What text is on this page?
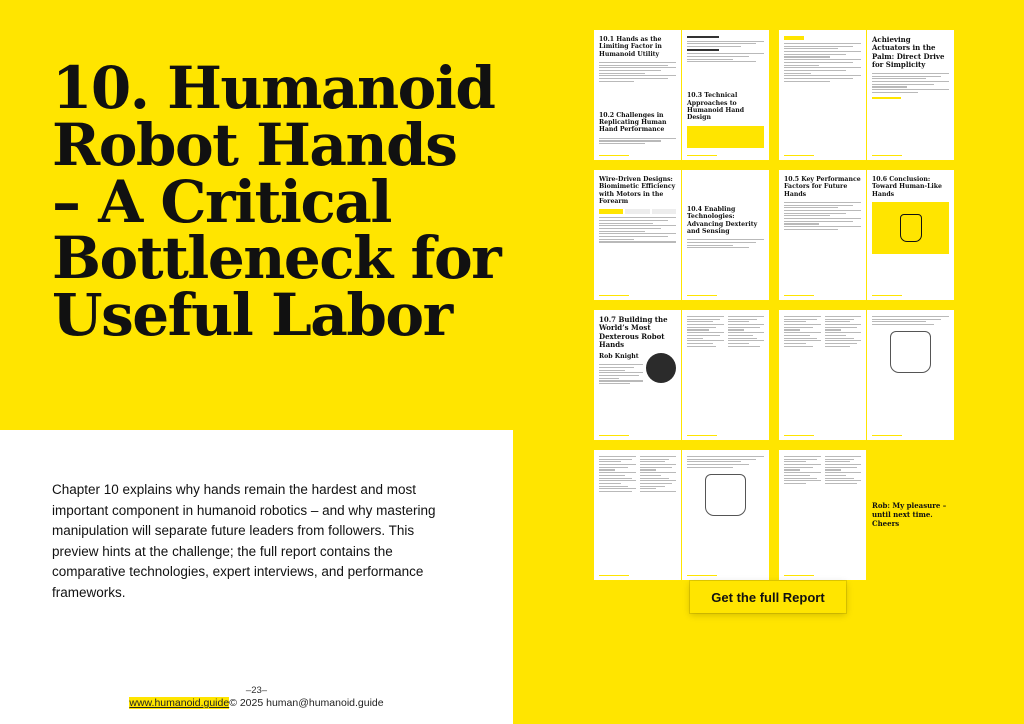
10. Humanoid
Robot Hands
– A Critical
Bottleneck for
Useful Labor

Chapter 10 explains why hands remain the hardest and most important component in humanoid robotics – and why mastering manipulation will separate future leaders from followers. This preview hints at the challenge; the full report contains the comparative technologies, expert interviews, and performance frameworks.

–23–
www.humanoid.guide© 2025 human@humanoid.guide
10.1 Hands as the Limiting Factor in Humanoid Utility
10.2 Challenges in Replicating Human Hand Performance
10.3 Technical Approaches to Humanoid Hand Design
Achieving Actuators in the Palm: Direct Drive for Simplicity
Wire-Driven Designs: Biomimetic Efficiency with Motors in the Forearm
10.4 Enabling Technologies: Advancing Dexterity and Sensing
10.5 Key Performance Factors for Future Hands
10.6 Conclusion: Toward Human-Like Hands
10.7 Building the World’s Most Dexterous Robot Hands
Rob Knight
Rob: My pleasure – until next time. Cheers
Get the full Report
